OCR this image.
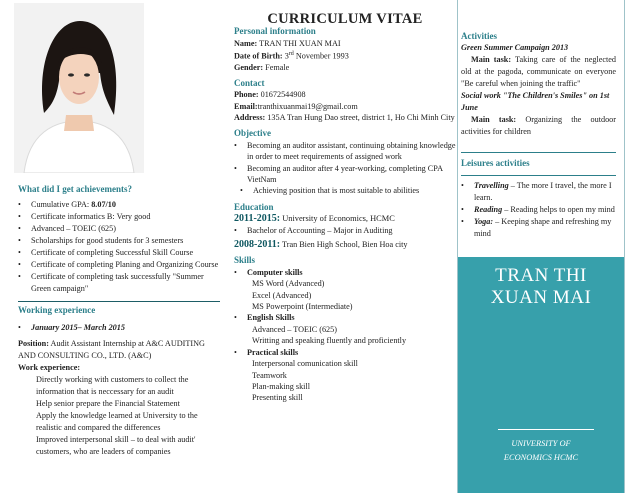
What did I get achievements?

•	Cumulative GPA: 8.07/10
•	Certificate informatics B: Very good
•	Advanced – TOEIC (625)
•	Scholarships for good students for 3 semesters
•	Certificate of completing Successful Skill Course
•	Certificate of completing Planing and Organizing Course
•	Certificate of completing task successfully "Summer Green campaign"

Working experience

•	January 2015– March 2015

Position: Audit Assistant Internship at A&C AUDITING AND CONSULTING CO., LTD. (A&C)

Work experience:

Directly working with customers to collect the information that is neccessary for an audit

Help senior prepare the Financial Statement

Apply the knowledge learned at University to the realistic and compared the differences

Improved interpersonal skill – to deal with audit' customers, who are leaders of companies

CURRICULUM VITAE

Personal information

Name: TRAN THI XUAN MAI

Date of Birth: 3rd November 1993

Gender: Female

Contact

Phone: 01672544908

Email:tranthixuanmai19@gmail.com

Address: 135A Tran Hung Dao street, district 1, Ho Chi Minh City

Objective

•	Becoming an auditor assistant, continuing obtaining knowledge in order to meet requirements of assigned work
•	Becoming an auditor after 4 year-working, completing CPA VietNam
•	Achieving position that is most suitable to abilities

Education

2011-2015: University of Economics, HCMC

•	Bachelor of Accounting – Major in Auditing

2008-2011: Tran Bien High School, Bien Hoa city

Skills

•	Computer skills

MS Word (Advanced)

Excel (Advanced)

MS Powerpoint (Intermediate)

•	English Skills

Advanced – TOEIC (625)

Writting and speaking fluently and proficiently

•	Practical skills

Interpersonal comunication skill

Teamwork

Plan-making skill

Presenting skill

Activities

Green Summer Campaign 2013

Main task: Taking care of the neglected old at the pagoda, communicate on everyone "Be careful when joining the traffic"

Social work "The Children's Smiles" on 1st June

Main task: Organizing the outdoor activities for children

Leisures activities

•	Travelling – The more I travel, the more I learn.
•	Reading – Reading helps to open my mind
•	Yoga: – Keeping shape and refreshing my mind
TRAN THI
XUAN MAI
UNIVERSITY OF
ECONOMICS HCMC
